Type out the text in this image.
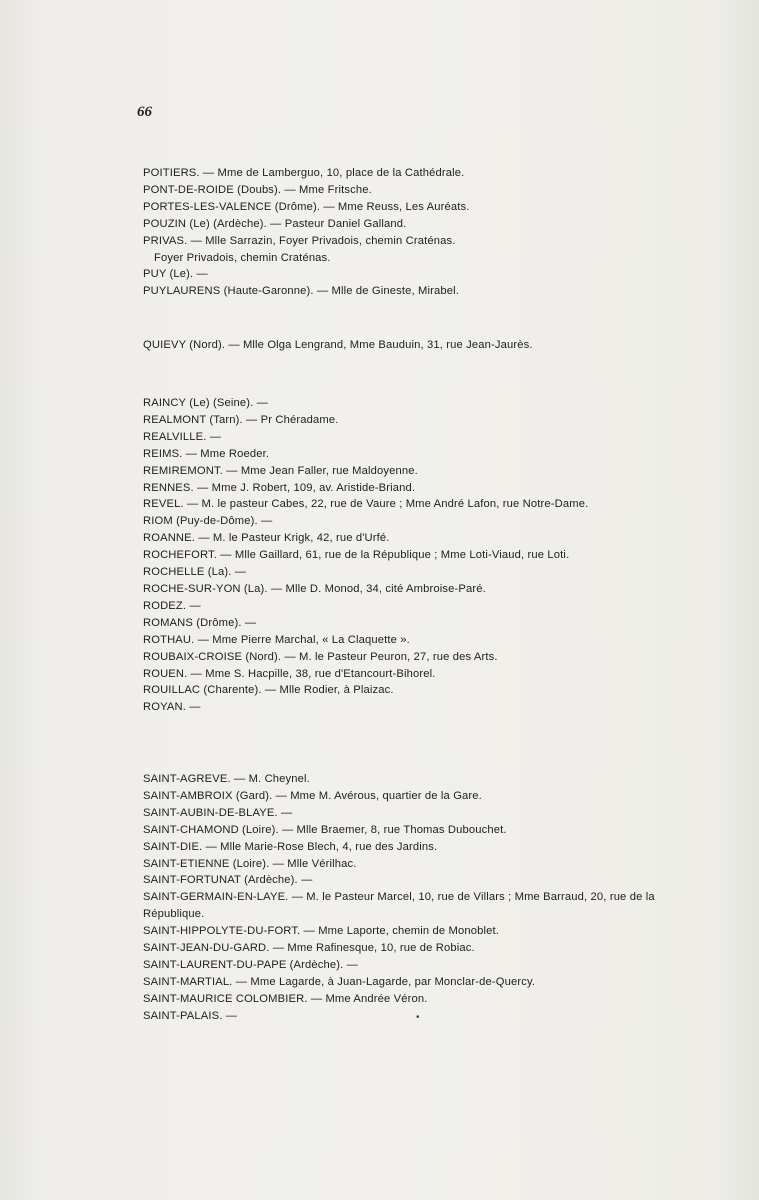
66
POITIERS. — Mme de Lamberguo, 10, place de la Cathédrale.
PONT-DE-ROIDE (Doubs). — Mme Fritsche.
PORTES-LES-VALENCE (Drôme). — Mme Reuss, Les Auréats.
POUZIN (Le) (Ardèche). — Pasteur Daniel Galland.
PRIVAS. — Mlle Sarrazin, Foyer Privadois, chemin Craténas.
Foyer Privadois, chemin Craténas.
PUY (Le). —
PUYLAURENS (Haute-Garonne). — Mlle de Gineste, Mirabel.
QUIEVY (Nord). — Mlle Olga Lengrand, Mme Bauduin, 31, rue Jean-Jaurès.
RAINCY (Le) (Seine). —
REALMONT (Tarn). — Pr Chéradame.
REALVILLE. —
REIMS. — Mme Roeder.
REMIREMONT. — Mme Jean Faller, rue Maldoyenne.
RENNES. — Mme J. Robert, 109, av. Aristide-Briand.
REVEL. — M. le pasteur Cabes, 22, rue de Vaure ; Mme André Lafon, rue Notre-Dame.
RIOM (Puy-de-Dôme). —
ROANNE. — M. le Pasteur Krigk, 42, rue d'Urfé.
ROCHEFORT. — Mlle Gaillard, 61, rue de la République ; Mme Loti-Viaud, rue Loti.
ROCHELLE (La). —
ROCHE-SUR-YON (La). — Mlle D. Monod, 34, cité Ambroise-Paré.
RODEZ. —
ROMANS (Drôme). —
ROTHAU. — Mme Pierre Marchal, « La Claquette ».
ROUBAIX-CROISE (Nord). — M. le Pasteur Peuron, 27, rue des Arts.
ROUEN. — Mme S. Hacpille, 38, rue d'Etancourt-Bihorel.
ROUILLAC (Charente). — Mlle Rodier, à Plaizac.
ROYAN. —
SAINT-AGREVE. — M. Cheynel.
SAINT-AMBROIX (Gard). — Mme M. Avérous, quartier de la Gare.
SAINT-AUBIN-DE-BLAYE. —
SAINT-CHAMOND (Loire). — Mlle Braemer, 8, rue Thomas Dubouchet.
SAINT-DIE. — Mlle Marie-Rose Blech, 4, rue des Jardins.
SAINT-ETIENNE (Loire). — Mlle Vérilhac.
SAINT-FORTUNAT (Ardèche). —
SAINT-GERMAIN-EN-LAYE. — M. le Pasteur Marcel, 10, rue de Villars ; Mme Barraud, 20, rue de la République.
SAINT-HIPPOLYTE-DU-FORT. — Mme Laporte, chemin de Monoblet.
SAINT-JEAN-DU-GARD. — Mme Rafinesque, 10, rue de Robiac.
SAINT-LAURENT-DU-PAPE (Ardèche). —
SAINT-MARTIAL. — Mme Lagarde, à Juan-Lagarde, par Monclar-de-Quercy.
SAINT-MAURICE COLOMBIER. — Mme Andrée Véron.
SAINT-PALAIS. —	•
